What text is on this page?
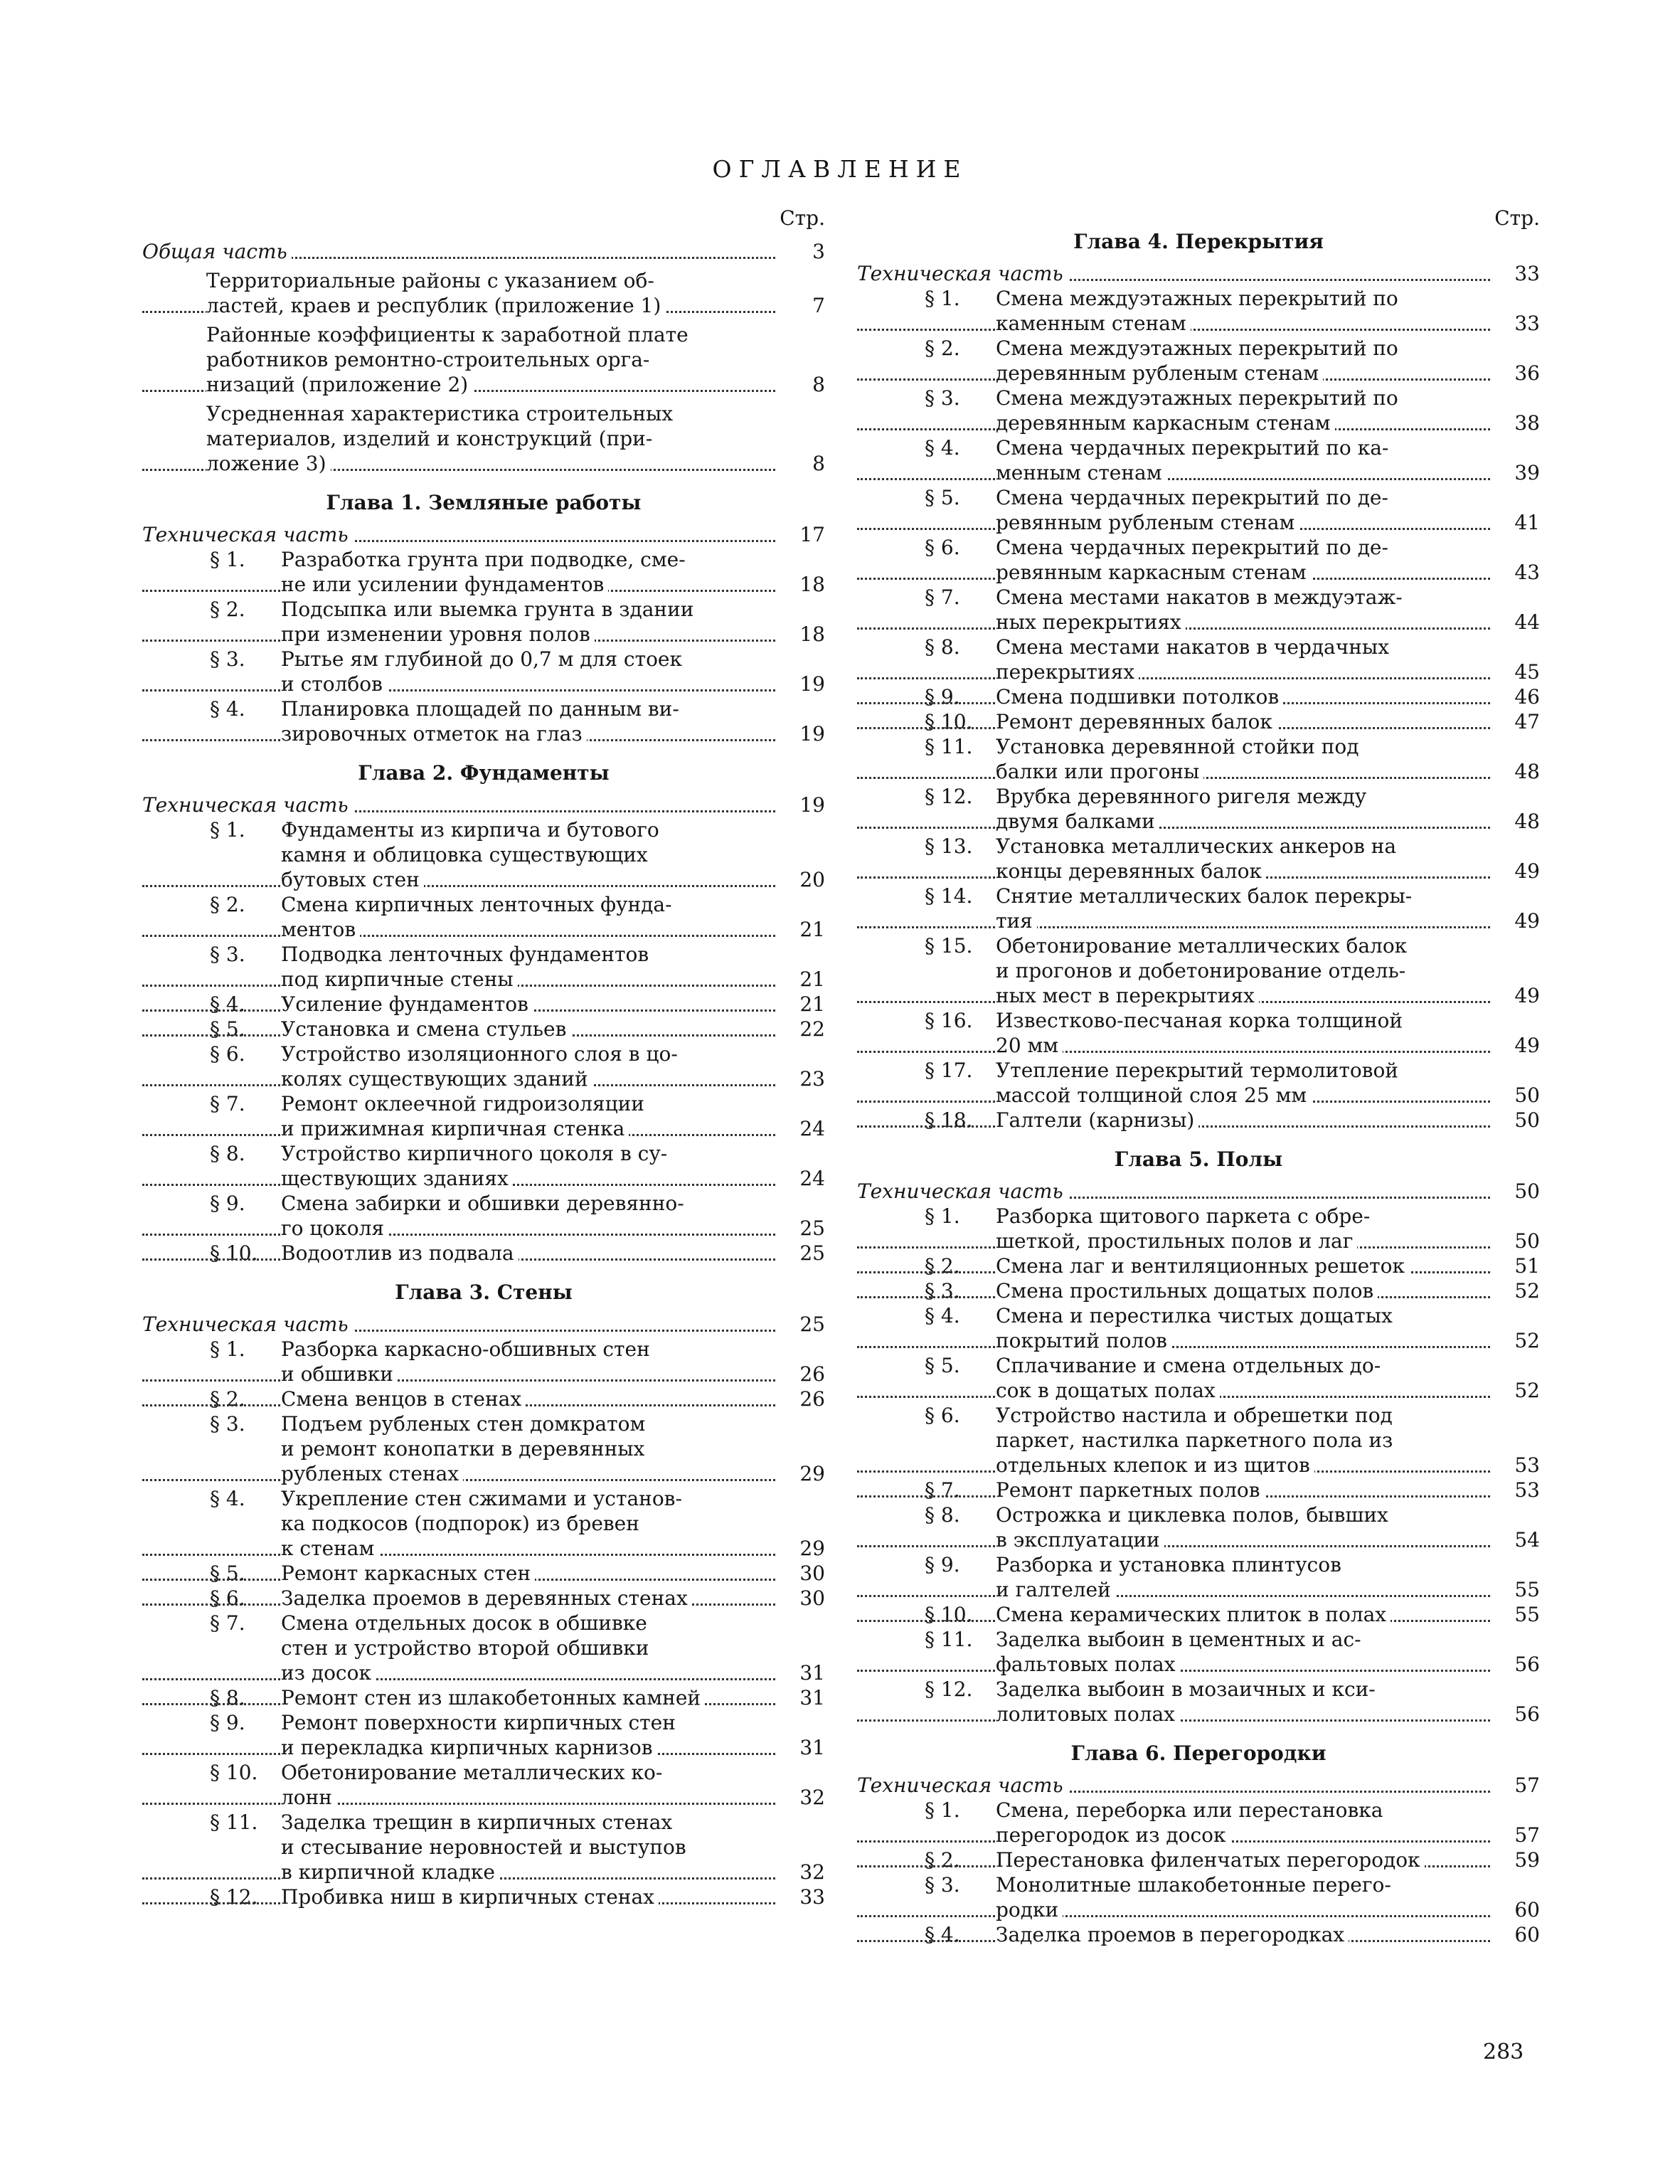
ОГЛАВЛЕНИЕ
Стр.	Стр.
Общая часть	3
Территориальные районы с указанием об-
ластей, краев и республик (приложение 1)	7
Районные коэффициенты к заработной плате
работников ремонтно-строительных орга-
низаций (приложение 2)	8
Усредненная характеристика строительных
материалов, изделий и конструкций (при-
ложение 3)	8
Глава 1. Земляные работы
Техническая часть	17
§ 1.	Разработка грунта при подводке, сме-
не или усилении фундаментов	18
§ 2.	Подсыпка или выемка грунта в здании
при изменении уровня полов	18
§ 3.	Рытье ям глубиной до 0,7 м для стоек
и столбов	19
§ 4.	Планировка площадей по данным ви-
зировочных отметок на глаз	19
Глава 2. Фундаменты
Техническая часть	19
§ 1.	Фундаменты из кирпича и бутового
камня и облицовка существующих
бутовых стен	20
§ 2.	Смена кирпичных ленточных фунда-
ментов	21
§ 3.	Подводка ленточных фундаментов
под кирпичные стены	21
§ 4.	Усиление фундаментов	21
§ 5.	Установка и смена стульев	22
§ 6.	Устройство изоляционного слоя в цо-
колях существующих зданий	23
§ 7.	Ремонт оклеечной гидроизоляции
и прижимная кирпичная стенка	24
§ 8.	Устройство кирпичного цоколя в су-
ществующих зданиях	24
§ 9.	Смена забирки и обшивки деревянно-
го цоколя	25
§ 10.	Водоотлив из подвала	25
Глава 3. Стены
Техническая часть	25
§ 1.	Разборка каркасно-обшивных стен
и обшивки	26
§ 2.	Смена венцов в стенах	26
§ 3.	Подъем рубленых стен домкратом
и ремонт конопатки в деревянных
рубленых стенах	29
§ 4.	Укрепление стен сжимами и установ-
ка подкосов (подпорок) из бревен
к стенам	29
§ 5.	Ремонт каркасных стен	30
§ 6.	Заделка проемов в деревянных стенах	30
§ 7.	Смена отдельных досок в обшивке
стен и устройство второй обшивки
из досок	31
§ 8.	Ремонт стен из шлакобетонных камней	31
§ 9.	Ремонт поверхности кирпичных стен
и перекладка кирпичных карнизов	31
§ 10.	Обетонирование металлических ко-
лонн	32
§ 11.	Заделка трещин в кирпичных стенах
и стесывание неровностей и выступов
в кирпичной кладке	32
§ 12.	Пробивка ниш в кирпичных стенах	33
Глава 4. Перекрытия
Техническая часть	33
§ 1.	Смена междуэтажных перекрытий по
каменным стенам	33
§ 2.	Смена междуэтажных перекрытий по
деревянным рубленым стенам	36
§ 3.	Смена междуэтажных перекрытий по
деревянным каркасным стенам	38
§ 4.	Смена чердачных перекрытий по ка-
менным стенам	39
§ 5.	Смена чердачных перекрытий по де-
ревянным рубленым стенам	41
§ 6.	Смена чердачных перекрытий по де-
ревянным каркасным стенам	43
§ 7.	Смена местами накатов в междуэтаж-
ных перекрытиях	44
§ 8.	Смена местами накатов в чердачных
перекрытиях	45
§ 9.	Смена подшивки потолков	46
§ 10.	Ремонт деревянных балок	47
§ 11.	Установка деревянной стойки под
балки или прогоны	48
§ 12.	Врубка деревянного ригеля между
двумя балками	48
§ 13.	Установка металлических анкеров на
концы деревянных балок	49
§ 14.	Снятие металлических балок перекры-
тия	49
§ 15.	Обетонирование металлических балок
и прогонов и добетонирование отдель-
ных мест в перекрытиях	49
§ 16.	Известково-песчаная корка толщиной
20 мм	49
§ 17.	Утепление перекрытий термолитовой
массой толщиной слоя 25 мм	50
§ 18.	Галтели (карнизы)	50
Глава 5. Полы
Техническая часть	50
§ 1.	Разборка щитового паркета с обре-
шеткой, простильных полов и лаг	50
§ 2.	Смена лаг и вентиляционных решеток	51
§ 3.	Смена простильных дощатых полов	52
§ 4.	Смена и перестилка чистых дощатых
покрытий полов	52
§ 5.	Сплачивание и смена отдельных до-
сок в дощатых полах	52
§ 6.	Устройство настила и обрешетки под
паркет, настилка паркетного пола из
отдельных клепок и из щитов	53
§ 7.	Ремонт паркетных полов	53
§ 8.	Острожка и циклевка полов, бывших
в эксплуатации	54
§ 9.	Разборка и установка плинтусов
и галтелей	55
§ 10.	Смена керамических плиток в полах	55
§ 11.	Заделка выбоин в цементных и ас-
фальтовых полах	56
§ 12.	Заделка выбоин в мозаичных и кси-
лолитовых полах	56
Глава 6. Перегородки
Техническая часть	57
§ 1.	Смена, переборка или перестановка
перегородок из досок	57
§ 2.	Перестановка филенчатых перегородок	59
§ 3.	Монолитные шлакобетонные перего-
родки	60
§ 4.	Заделка проемов в перегородках	60
283
